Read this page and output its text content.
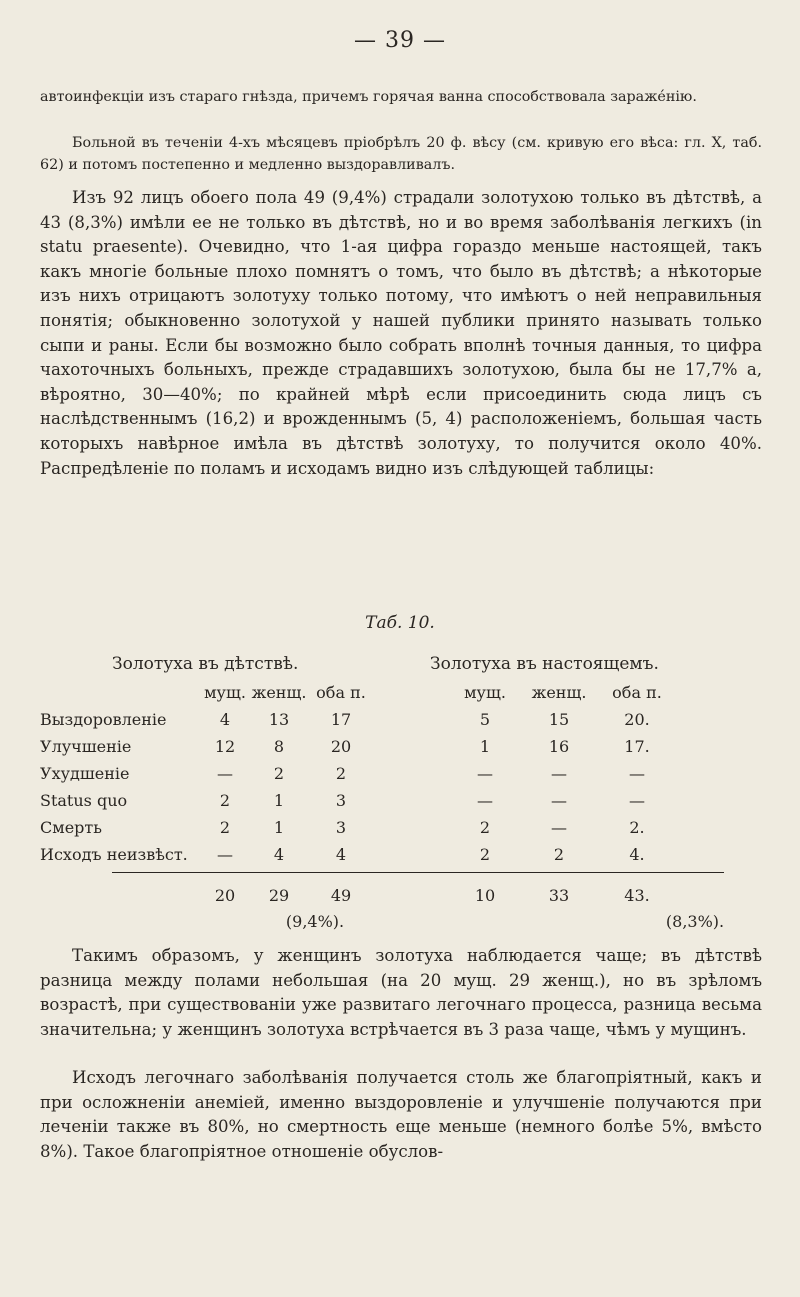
— 39 —

автоинфекціи изъ стараго гнѣзда, причемъ горячая ванна способствовала заражéнію.

Больной въ теченіи 4-хъ мѣсяцевъ пріобрѣлъ 20 ф. вѣсу (см. кривую его вѣса: гл. X, таб. 62) и потомъ постепенно и медленно выздоравливалъ.

Изъ 92 лицъ обоего пола 49 (9,4%) страдали золотухою только въ дѣтствѣ, а 43 (8,3%) имѣли ее не только въ дѣтствѣ, но и во время заболѣванія легкихъ (in statu praesente). Очевидно, что 1-ая цифра гораздо меньше настоящей, такъ какъ многіе больные плохо помнятъ о томъ, что было въ дѣтствѣ; а нѣкоторые изъ нихъ отрицаютъ золотуху только потому, что имѣютъ о ней неправильныя понятія; обыкновенно золотухой у нашей публики принято называть только сыпи и раны. Если бы возможно было собрать вполнѣ точныя данныя, то цифра чахоточныхъ больныхъ, прежде страдавшихъ золотухою, была бы не 17,7% а, вѣроятно, 30—40%; по крайней мѣрѣ если присоединить сюда лицъ съ наслѣдственнымъ (16,2) и врожденнымъ (5, 4) расположеніемъ, большая часть которыхъ навѣрное имѣла въ дѣтствѣ золотуху, то получится около 40%. Распредѣленіе по поламъ и исходамъ видно изъ слѣдующей таблицы:

Таб. 10.
Золотуха въ дѣтствѣ.	Золотуха въ настоящемъ.
мущ. женщ. оба п.	мущ.	женщ.	оба п.
Выздоровленіе	4	13	17	5	15	20.
Улучшеніе	12	8	20	1	16	17.
Ухудшеніе	—	2	2	—	—	—
Status quo	2	1	3	—	—	—
Смерть	2	1	3	2	—	2.
Исходъ неизвѣст.	—	4	4	2	2	4.
20	29	49	10	33	43.
(9,4%).	(8,3%).

Такимъ образомъ, у женщинъ золотуха наблюдается чаще; въ дѣтствѣ разница между полами небольшая (на 20 мущ. 29 женщ.), но въ зрѣломъ возрастѣ, при существованіи уже развитаго легочнаго процесса, разница весьма значительна; у женщинъ золотуха встрѣчается въ 3 раза чаще, чѣмъ у мущинъ.

Исходъ легочнаго заболѣванія получается столь же благопріятный, какъ и при осложненіи анеміей, именно выздоровленіе и улучшеніе получаются при леченіи также въ 80%, но смертность еще меньше (немного болѣе 5%, вмѣсто 8%). Такое благопріятное отношеніе обуслов-
